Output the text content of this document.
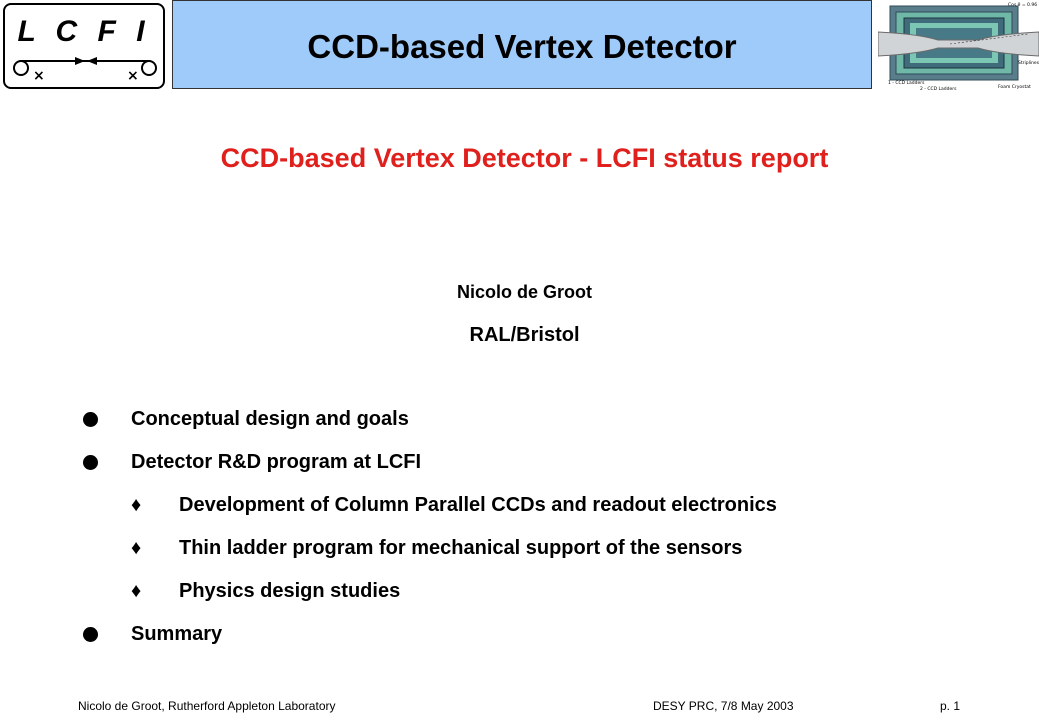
L C F I
×	×
CCD-based Vertex Detector
Cos θ = 0.96
Striplines
1 - CCD Ladders
2 - CCD Ladders	Foam Cryostat
CCD-based Vertex Detector - LCFI status report
Nicolo de Groot
RAL/Bristol
Conceptual design and goals
Detector R&D program at LCFI
♦ Development of Column Parallel CCDs and readout electronics
♦ Thin ladder program for mechanical support of the sensors
♦ Physics design studies
Summary
Nicolo de Groot, Rutherford Appleton Laboratory	DESY PRC, 7/8 May 2003	p. 1
